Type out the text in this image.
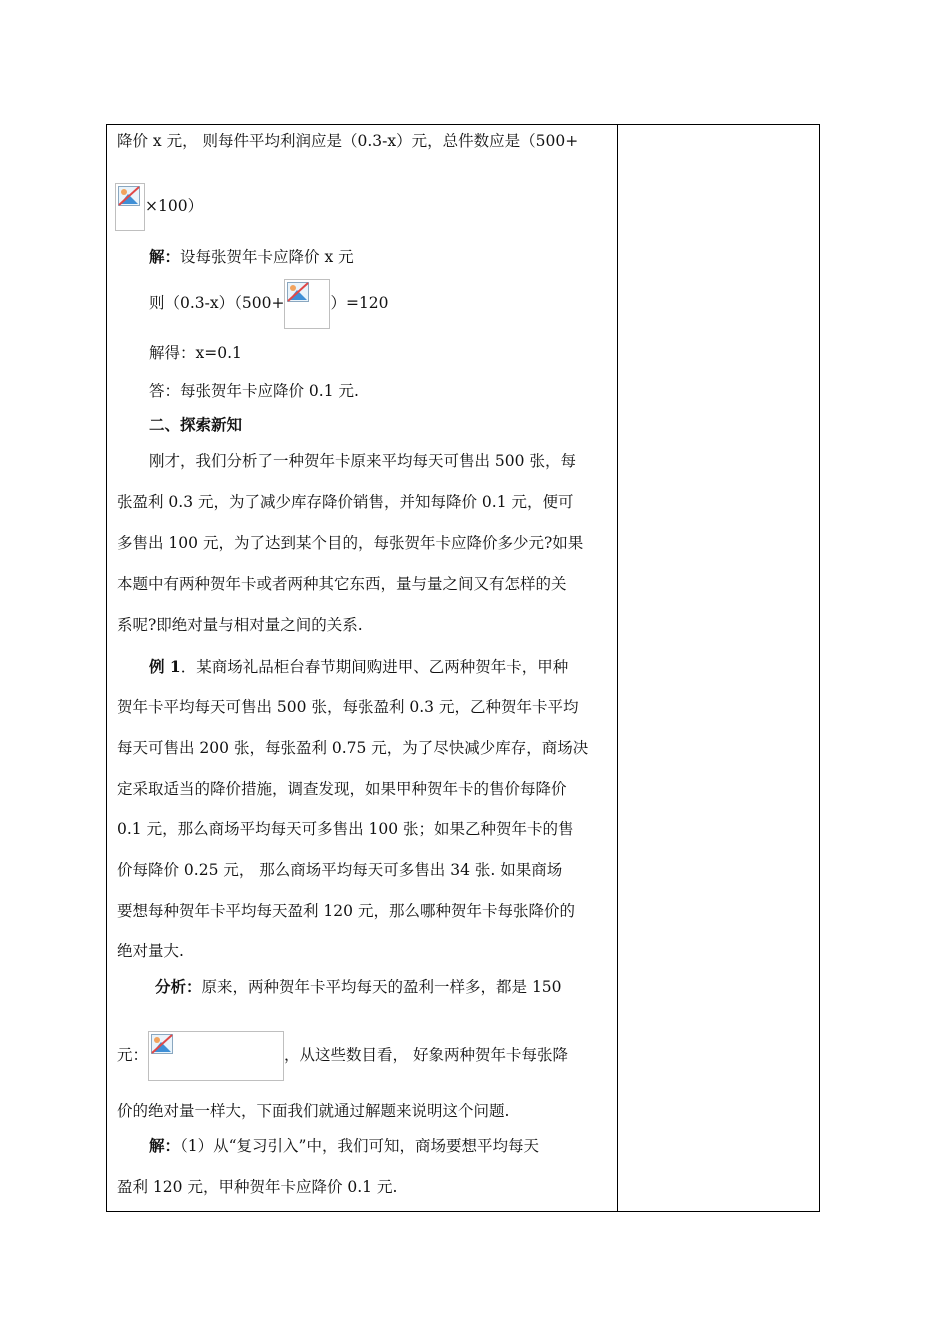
降价 x 元， 则每件平均利润应是（0.3-x）元，总件数应是（500+
×100）
解：设每张贺年卡应降价 x 元
则（0.3-x）（500+	）=120
解得：x=0.1
答：每张贺年卡应降价 0.1 元.
二、探索新知
刚才，我们分析了一种贺年卡原来平均每天可售出 500 张，每
张盈利 0.3 元，为了减少库存降价销售，并知每降价 0.1 元，便可
多售出 100 元，为了达到某个目的，每张贺年卡应降价多少元?如果
本题中有两种贺年卡或者两种其它东西，量与量之间又有怎样的关
系呢?即绝对量与相对量之间的关系.
例 1．某商场礼品柜台春节期间购进甲、乙两种贺年卡，甲种
贺年卡平均每天可售出 500 张，每张盈利 0.3 元，乙种贺年卡平均
每天可售出 200 张，每张盈利 0.75 元，为了尽快减少库存，商场决
定采取适当的降价措施，调查发现，如果甲种贺年卡的售价每降价
0.1 元，那么商场平均每天可多售出 100 张；如果乙种贺年卡的售
价每降价 0.25 元， 那么商场平均每天可多售出 34 张. 如果商场
要想每种贺年卡平均每天盈利 120 元，那么哪种贺年卡每张降价的
绝对量大.
分析：原来，两种贺年卡平均每天的盈利一样多，都是 150
元：	，从这些数目看， 好象两种贺年卡每张降
价的绝对量一样大，下面我们就通过解题来说明这个问题.
解：（1）从“复习引入”中，我们可知，商场要想平均每天
盈利 120 元，甲种贺年卡应降价 0.1 元.
